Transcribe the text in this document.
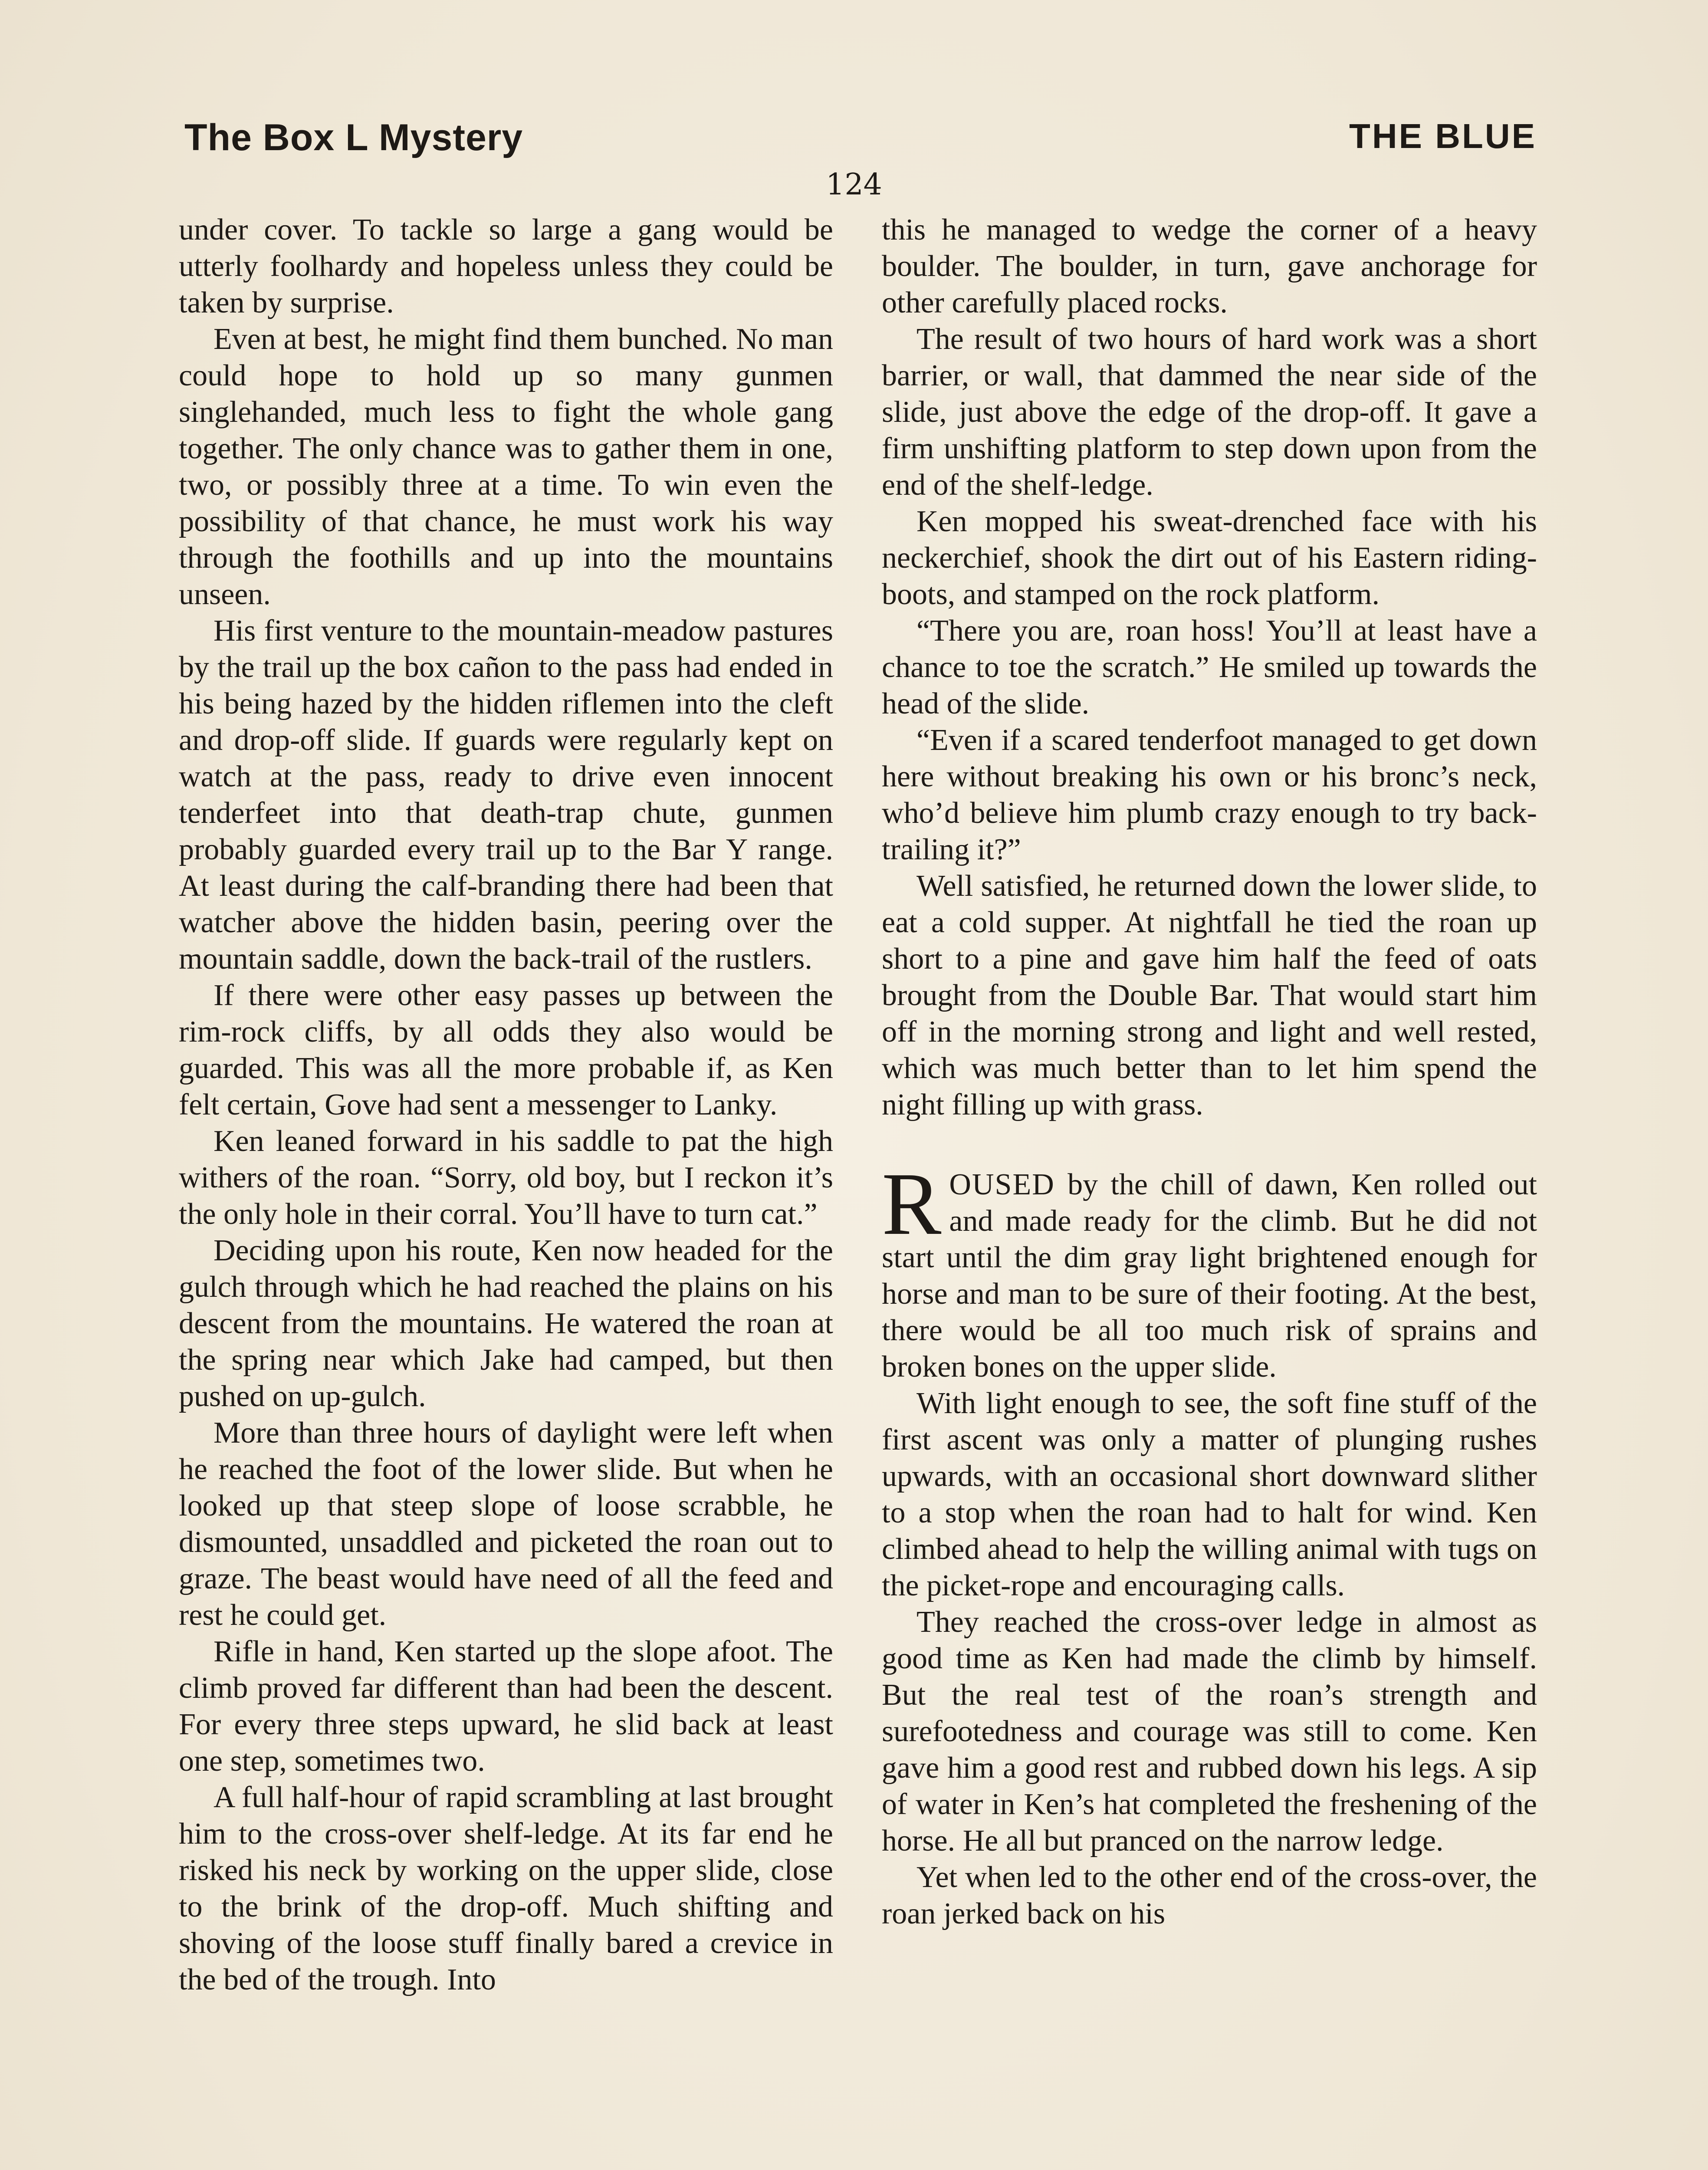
The Box L Mystery	THE BLUE
124

under cover. To tackle so large a gang would be utterly foolhardy and hopeless unless they could be taken by surprise.

Even at best, he might find them bunched. No man could hope to hold up so many gunmen singlehanded, much less to fight the whole gang together. The only chance was to gather them in one, two, or possibly three at a time. To win even the possibility of that chance, he must work his way through the foothills and up into the mountains unseen.

His first venture to the mountain-meadow pastures by the trail up the box cañon to the pass had ended in his being hazed by the hidden riflemen into the cleft and drop-off slide. If guards were regularly kept on watch at the pass, ready to drive even innocent tenderfeet into that death-trap chute, gunmen probably guarded every trail up to the Bar Y range. At least during the calf-branding there had been that watcher above the hidden basin, peering over the mountain saddle, down the back-trail of the rustlers.

If there were other easy passes up between the rim-rock cliffs, by all odds they also would be guarded. This was all the more probable if, as Ken felt certain, Gove had sent a messenger to Lanky.

Ken leaned forward in his saddle to pat the high withers of the roan. “Sorry, old boy, but I reckon it’s the only hole in their corral. You’ll have to turn cat.”

Deciding upon his route, Ken now headed for the gulch through which he had reached the plains on his descent from the mountains. He watered the roan at the spring near which Jake had camped, but then pushed on up-gulch.

More than three hours of daylight were left when he reached the foot of the lower slide. But when he looked up that steep slope of loose scrabble, he dismounted, unsaddled and picketed the roan out to graze. The beast would have need of all the feed and rest he could get.

Rifle in hand, Ken started up the slope afoot. The climb proved far different than had been the descent. For every three steps upward, he slid back at least one step, sometimes two.

A full half-hour of rapid scrambling at last brought him to the cross-over shelf-ledge. At its far end he risked his neck by working on the upper slide, close to the brink of the drop-off. Much shifting and shoving of the loose stuff finally bared a crevice in the bed of the trough. Into

this he managed to wedge the corner of a heavy boulder. The boulder, in turn, gave anchorage for other carefully placed rocks.

The result of two hours of hard work was a short barrier, or wall, that dammed the near side of the slide, just above the edge of the drop-off. It gave a firm unshifting platform to step down upon from the end of the shelf-ledge.

Ken mopped his sweat-drenched face with his neckerchief, shook the dirt out of his Eastern riding-boots, and stamped on the rock platform.

“There you are, roan hoss! You’ll at least have a chance to toe the scratch.” He smiled up towards the head of the slide.

“Even if a scared tenderfoot managed to get down here without breaking his own or his bronc’s neck, who’d believe him plumb crazy enough to try back-trailing it?”

Well satisfied, he returned down the lower slide, to eat a cold supper. At nightfall he tied the roan up short to a pine and gave him half the feed of oats brought from the Double Bar. That would start him off in the morning strong and light and well rested, which was much better than to let him spend the night filling up with grass.

ROUSED by the chill of dawn, Ken rolled out and made ready for the climb. But he did not start until the dim gray light brightened enough for horse and man to be sure of their footing. At the best, there would be all too much risk of sprains and broken bones on the upper slide.

With light enough to see, the soft fine stuff of the first ascent was only a matter of plunging rushes upwards, with an occasional short downward slither to a stop when the roan had to halt for wind. Ken climbed ahead to help the willing animal with tugs on the picket-rope and encouraging calls.

They reached the cross-over ledge in almost as good time as Ken had made the climb by himself. But the real test of the roan’s strength and surefootedness and courage was still to come. Ken gave him a good rest and rubbed down his legs. A sip of water in Ken’s hat completed the freshening of the horse. He all but pranced on the narrow ledge.

Yet when led to the other end of the cross-over, the roan jerked back on his
